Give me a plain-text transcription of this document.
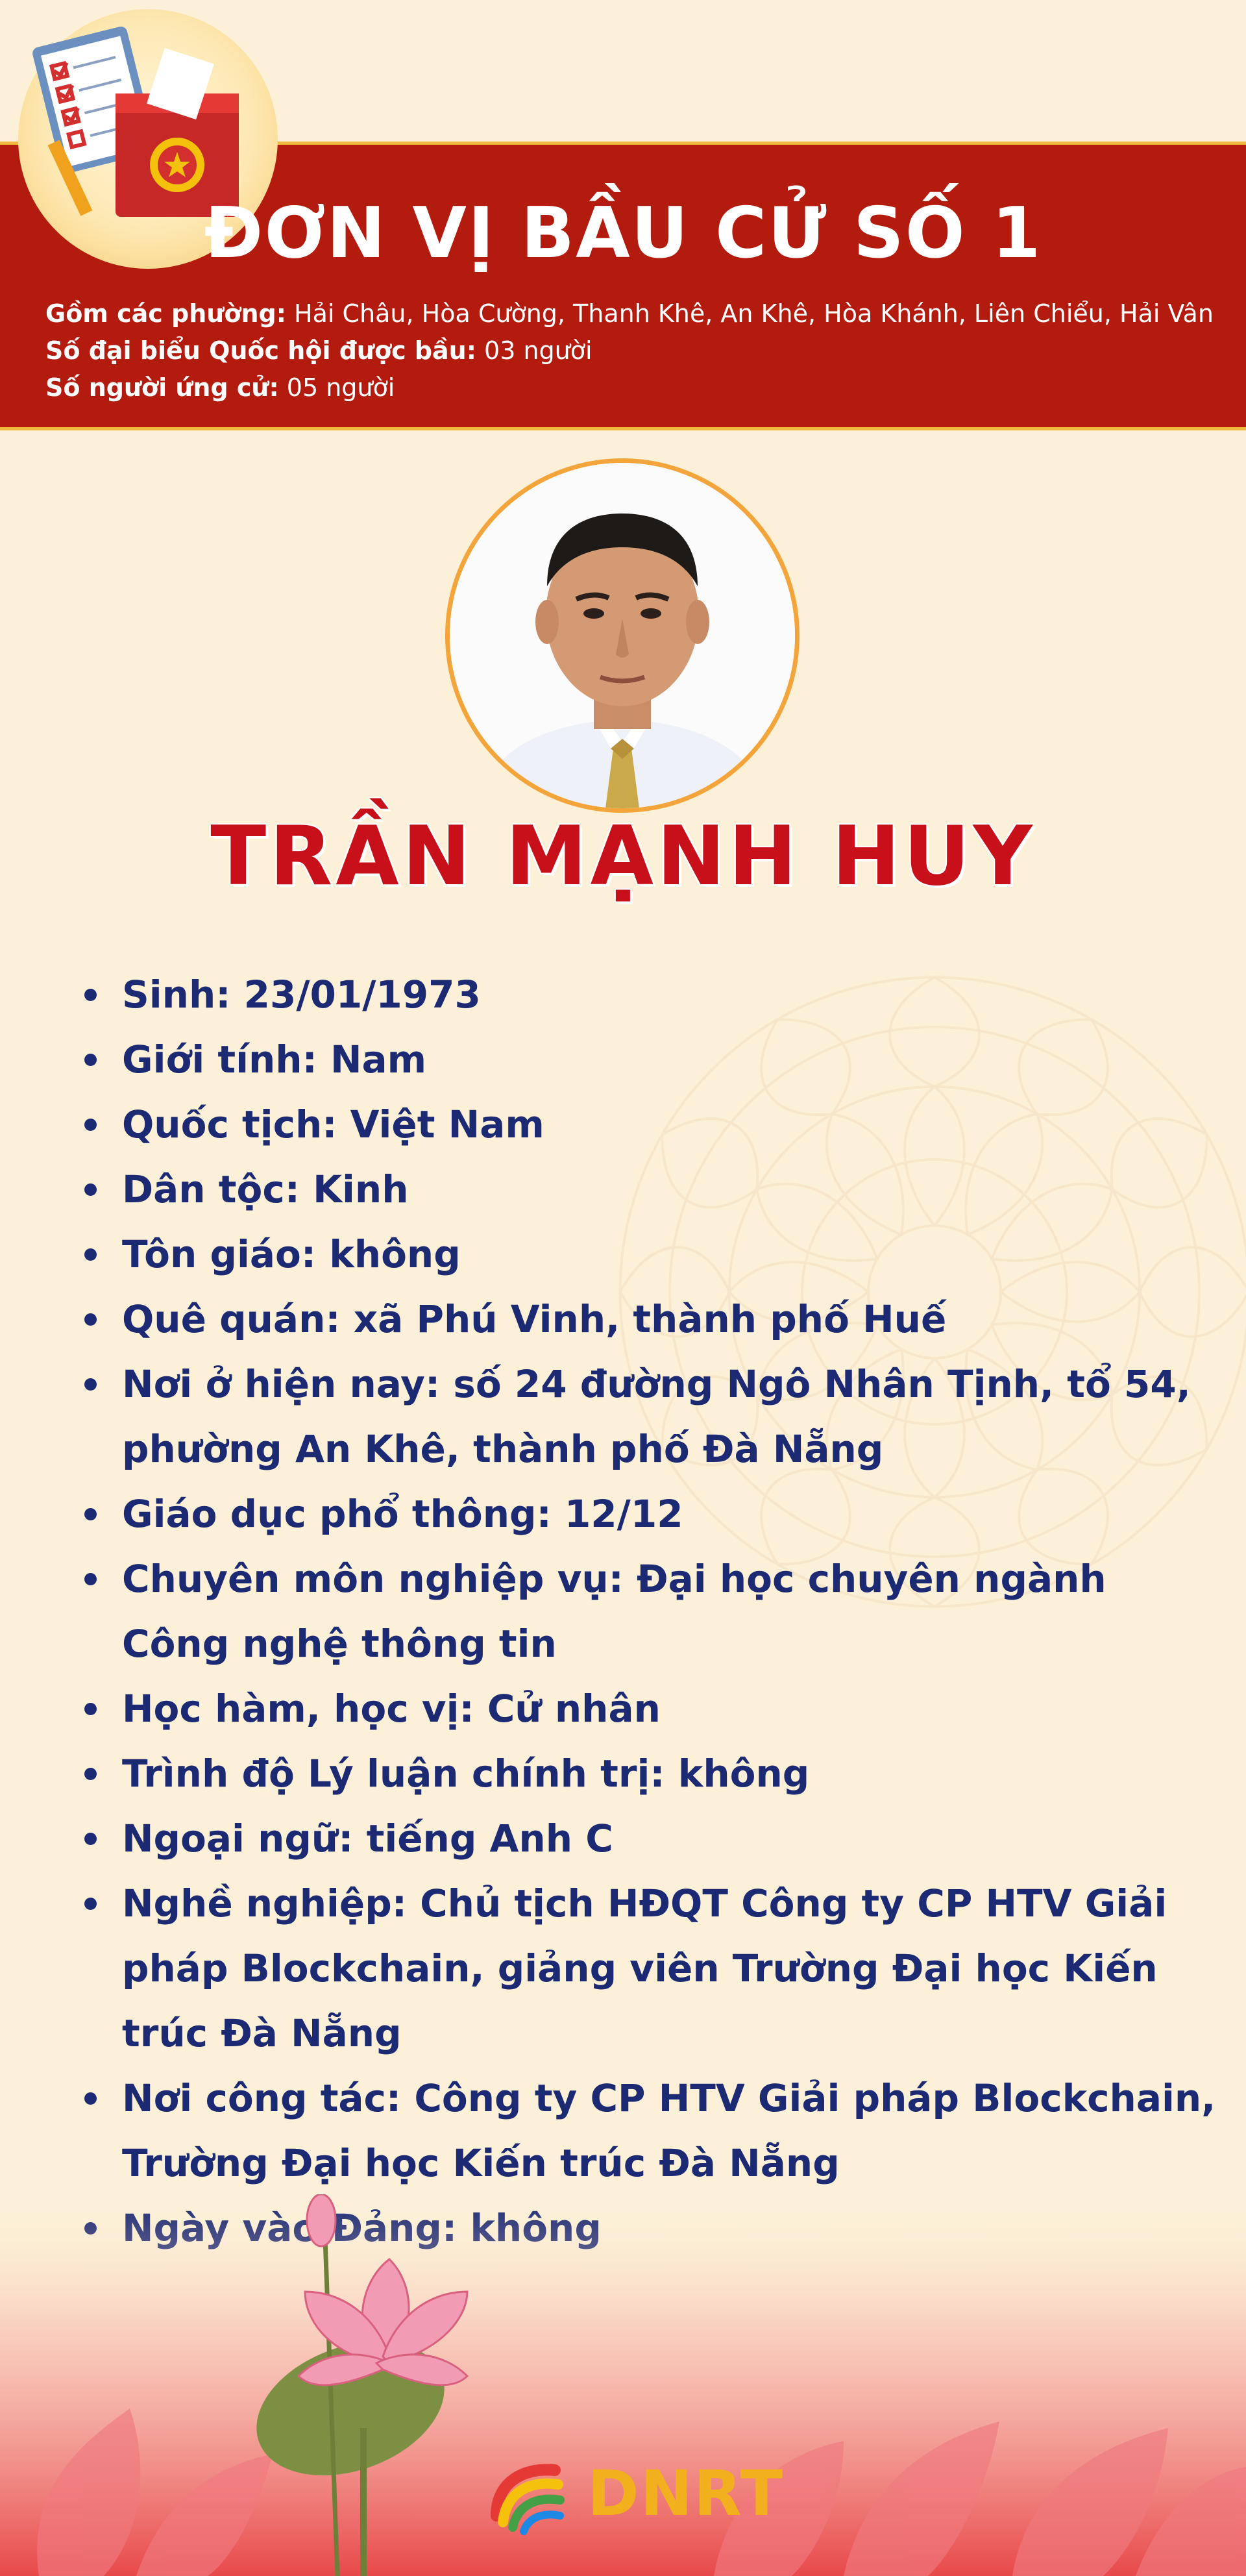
ĐƠN VỊ BẦU CỬ SỐ 1
Gồm các phường: Hải Châu, Hòa Cường, Thanh Khê, An Khê, Hòa Khánh, Liên Chiểu, Hải Vân
Số đại biểu Quốc hội được bầu: 03 người
Số người ứng cử: 05 người
TRẦN MẠNH HUY
Sinh: 23/01/1973
Giới tính: Nam
Quốc tịch: Việt Nam
Dân tộc: Kinh
Tôn giáo: không
Quê quán: xã Phú Vinh, thành phố Huế
Nơi ở hiện nay: số 24 đường Ngô Nhân Tịnh, tổ 54, phường An Khê, thành phố Đà Nẵng
Giáo dục phổ thông: 12/12
Chuyên môn nghiệp vụ: Đại học chuyên ngành Công nghệ thông tin
Học hàm, học vị: Cử nhân
Trình độ Lý luận chính trị: không
Ngoại ngữ: tiếng Anh C
Nghề nghiệp: Chủ tịch HĐQT Công ty CP HTV Giải pháp Blockchain, giảng viên Trường Đại học Kiến trúc Đà Nẵng
Nơi công tác: Công ty CP HTV Giải pháp Blockchain, Trường Đại học Kiến trúc Đà Nẵng
DNRT
